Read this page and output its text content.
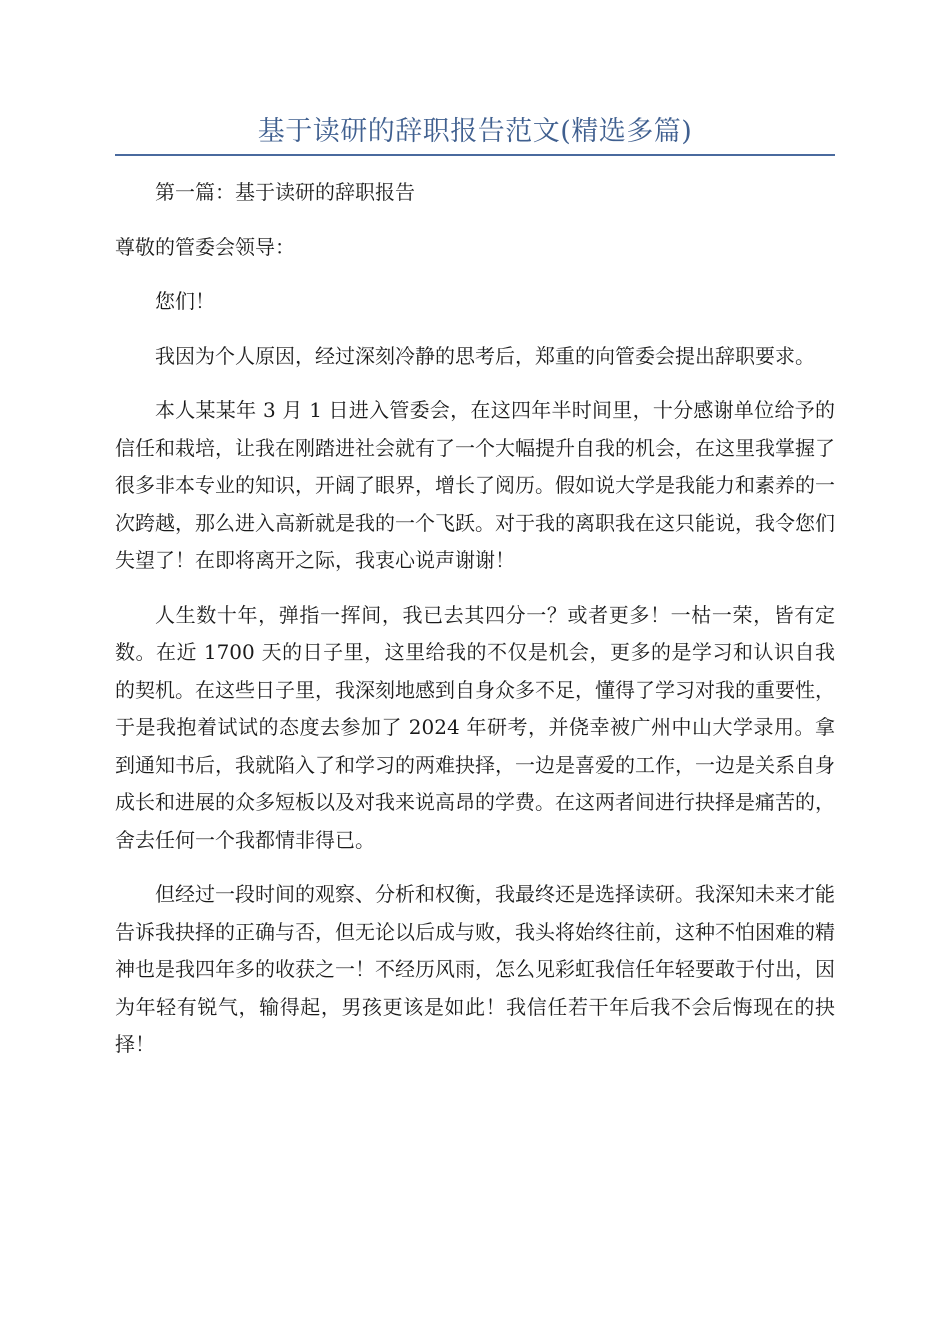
基于读研的辞职报告范文(精选多篇)

第一篇：基于读研的辞职报告

尊敬的管委会领导：

您们！

我因为个人原因，经过深刻冷静的思考后，郑重的向管委会提出辞职要求。

本人某某年 3 月 1 日进入管委会，在这四年半时间里，十分感谢单位给予的信任和栽培，让我在刚踏进社会就有了一个大幅提升自我的机会，在这里我掌握了很多非本专业的知识，开阔了眼界，增长了阅历。假如说大学是我能力和素养的一次跨越，那么进入高新就是我的一个飞跃。对于我的离职我在这只能说，我令您们失望了！在即将离开之际，我衷心说声谢谢！

人生数十年，弹指一挥间，我已去其四分一？或者更多！一枯一荣，皆有定数。在近 1700 天的日子里，这里给我的不仅是机会，更多的是学习和认识自我的契机。在这些日子里，我深刻地感到自身众多不足，懂得了学习对我的重要性，于是我抱着试试的态度去参加了 2024 年研考，并侥幸被广州中山大学录用。拿到通知书后，我就陷入了和学习的两难抉择，一边是喜爱的工作，一边是关系自身成长和进展的众多短板以及对我来说高昂的学费。在这两者间进行抉择是痛苦的，舍去任何一个我都情非得已。

但经过一段时间的观察、分析和权衡，我最终还是选择读研。我深知未来才能告诉我抉择的正确与否，但无论以后成与败，我头将始终往前，这种不怕困难的精神也是我四年多的收获之一！不经历风雨，怎么见彩虹我信任年轻要敢于付出，因为年轻有锐气，输得起，男孩更该是如此！我信任若干年后我不会后悔现在的抉择！
